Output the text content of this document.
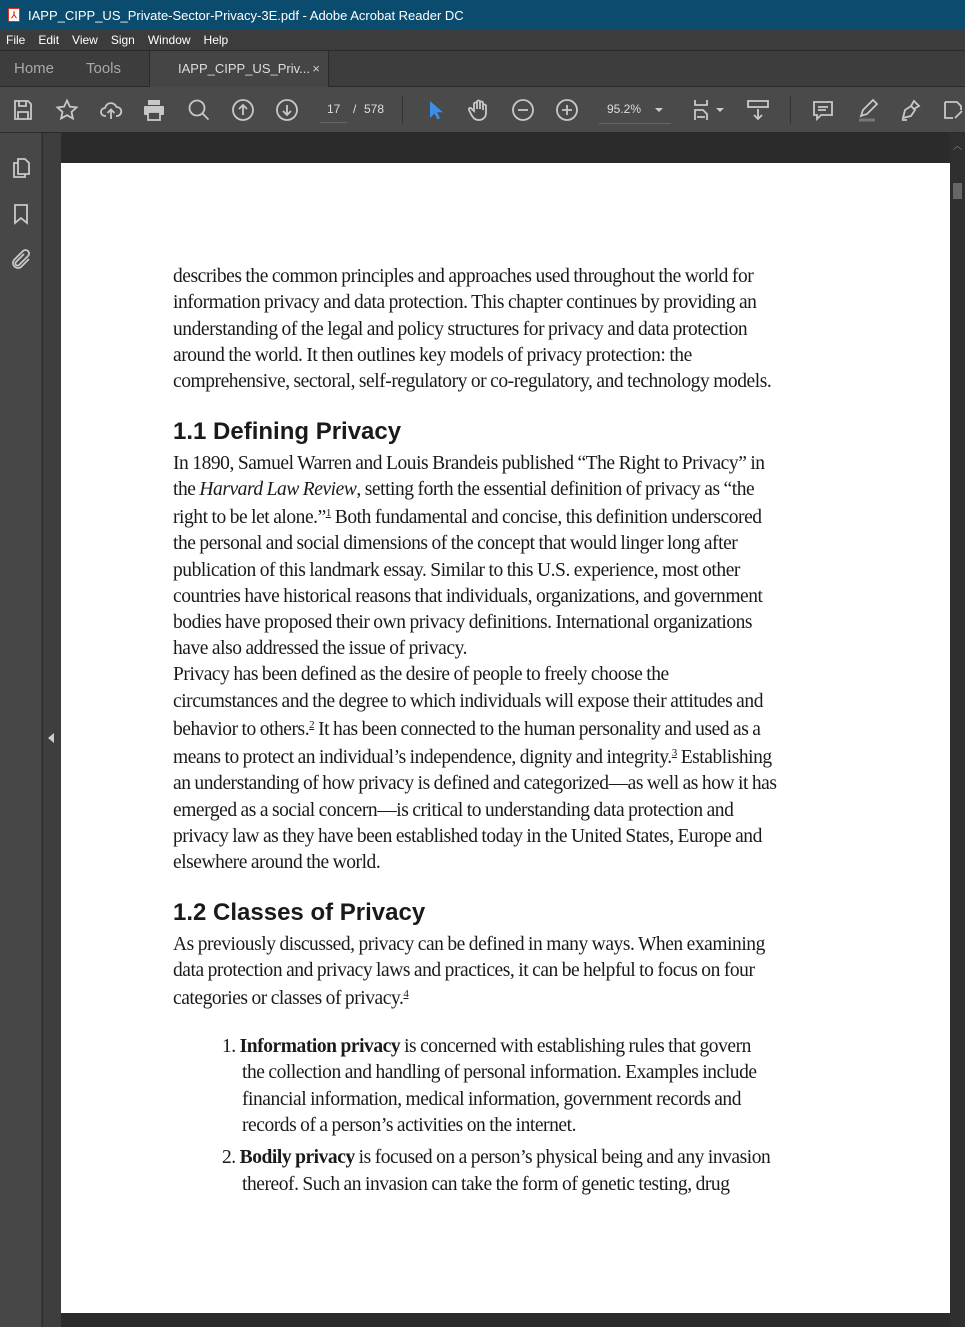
⅄ IAPP_CIPP_US_Private-Sector-Privacy-3E.pdf - Adobe Acrobat Reader DC
File	Edit	View	Sign	Window	Help
Home Tools	IAPP_CIPP_US_Priv... ×
17	/ 578	95.2%
1.1 Defining Privacy
1.2 Classes of Privacy
describes the common principles and approaches used throughout the world for
information privacy and data protection. This chapter continues by providing an
understanding of the legal and policy structures for privacy and data protection
around the world. It then outlines key models of privacy protection: the
comprehensive, sectoral, self-regulatory or co-regulatory, and technology models.
In 1890, Samuel Warren and Louis Brandeis published “The Right to Privacy” in
the Harvard Law Review, setting forth the essential definition of privacy as “the
right to be let alone.”$^1$ Both fundamental and concise, this definition underscored
the personal and social dimensions of the concept that would linger long after
publication of this landmark essay. Similar to this U.S. experience, most other
countries have historical reasons that individuals, organizations, and government
bodies have proposed their own privacy definitions. International organizations
have also addressed the issue of privacy.
Privacy has been defined as the desire of people to freely choose the
circumstances and the degree to which individuals will expose their attitudes and
behavior to others.$^2$ It has been connected to the human personality and used as a
means to protect an individual’s independence, dignity and integrity.$^3$ Establishing
an understanding of how privacy is defined and categorized—as well as how it has
emerged as a social concern—is critical to understanding data protection and
privacy law as they have been established today in the United States, Europe and
elsewhere around the world.
As previously discussed, privacy can be defined in many ways. When examining
data protection and privacy laws and practices, it can be helpful to focus on four
categories or classes of privacy.$^4$
1. Information privacy is concerned with establishing rules that govern
the collection and handling of personal information. Examples include
financial information, medical information, government records and
records of a person’s activities on the internet.
2. Bodily privacy is focused on a person’s physical being and any invasion
thereof. Such an invasion can take the form of genetic testing, drug
︿
